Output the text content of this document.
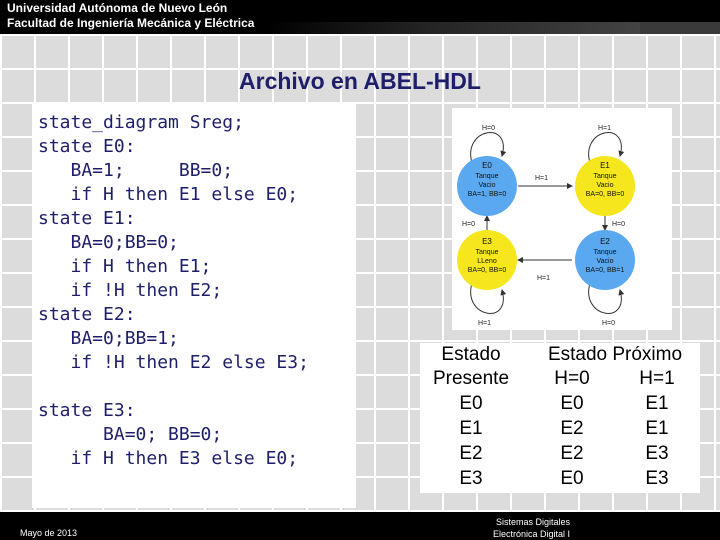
Universidad Autónoma de Nuevo León
Facultad de Ingeniería Mecánica y Eléctrica
Archivo en ABEL-HDL
state_diagram Sreg;
state E0:
BA=1;     BB=0;
if H then E1 else E0;
state E1:
BA=0;BB=0;
if H then E1;
if !H then E2;
state E2:
BA=0;BB=1;
if !H then E2 else E3;
state E3:
BA=0; BB=0;
if H then E3 else E0;
H=0	H=1
H=1
H=0	H=0
H=1
H=1	H=0
E0
Tanque
Vacio
BA=1, BB=0
E1
Tanque
Vacio
BA=0, BB=0
E3
Tanque
LLeno
BA=0, BB=0
E2
Tanque
Vacio
BA=0, BB=1
Estado
Presente
Estado Próximo
H=0	H=1
E0	E0	E1
E1	E2	E1
E2	E2	E3
E3	E0	E3
Mayo de 2013
Sistemas Digitales
Electrónica Digital I
